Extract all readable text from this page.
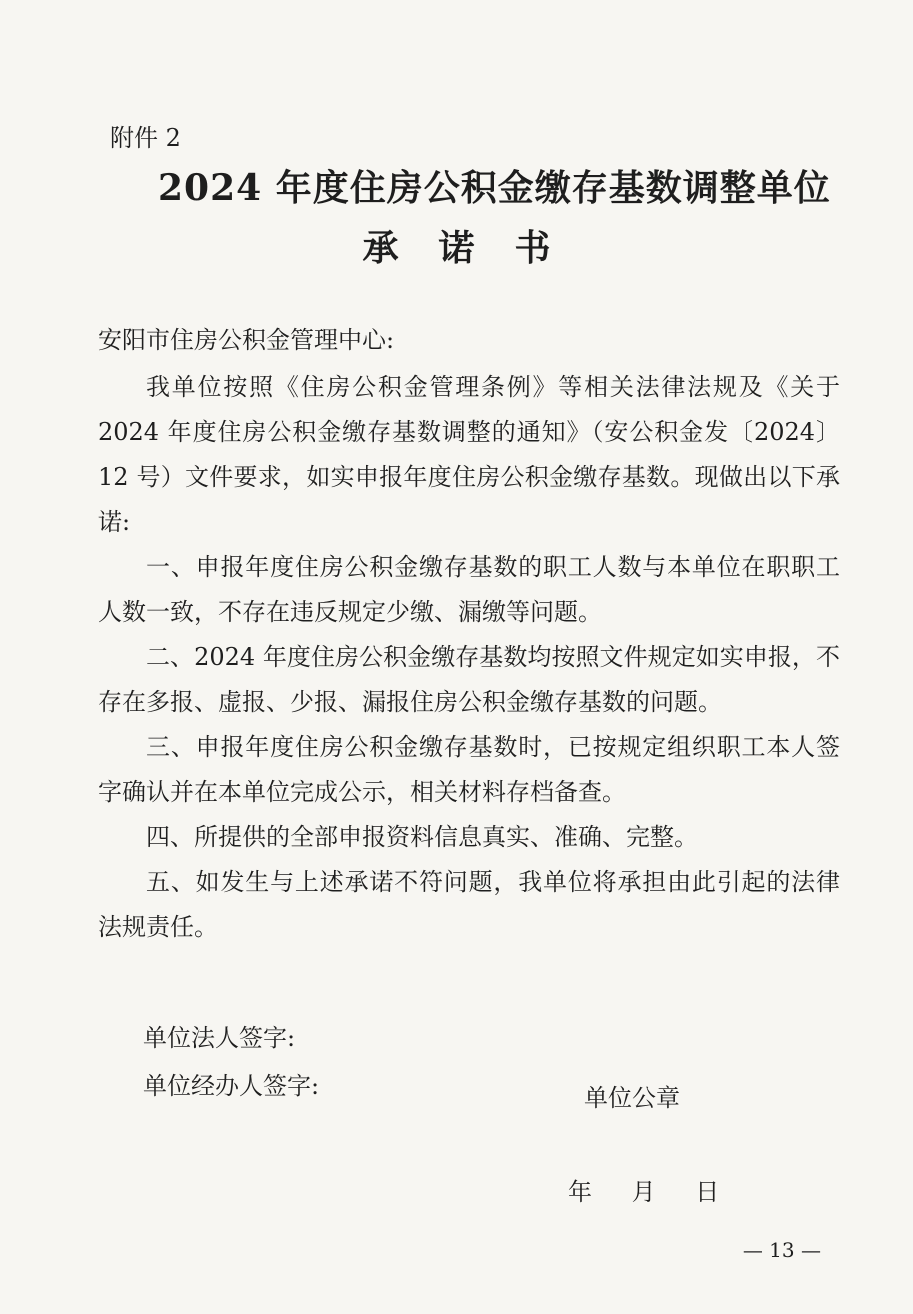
附件 2
2024 年度住房公积金缴存基数调整单位
承诺书

安阳市住房公积金管理中心:

我单位按照《住房公积金管理条例》等相关法律法规及《关于 2024 年度住房公积金缴存基数调整的通知》（安公积金发〔2024〕12 号）文件要求，如实申报年度住房公积金缴存基数。现做出以下承诺:

一、申报年度住房公积金缴存基数的职工人数与本单位在职职工人数一致，不存在违反规定少缴、漏缴等问题。

二、2024 年度住房公积金缴存基数均按照文件规定如实申报，不存在多报、虚报、少报、漏报住房公积金缴存基数的问题。

三、申报年度住房公积金缴存基数时，已按规定组织职工本人签字确认并在本单位完成公示，相关材料存档备查。

四、所提供的全部申报资料信息真实、准确、完整。

五、如发生与上述承诺不符问题，我单位将承担由此引起的法律法规责任。

单位法人签字:
单位经办人签字:	单位公章
年 月 日
— 13 —
